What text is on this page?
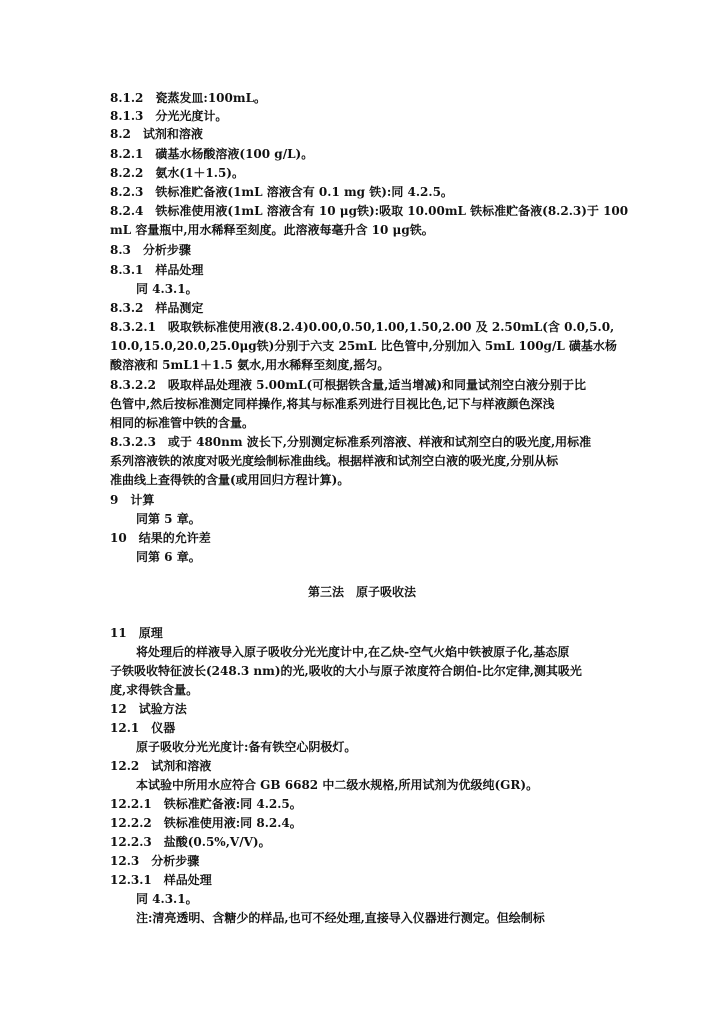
8.1.2　瓷蒸发皿:100mL。
8.1.3　分光光度计。
8.2　试剂和溶液
8.2.1　磺基水杨酸溶液(100 g/L)。
8.2.2　氨水(1＋1.5)。
8.2.3　铁标准贮备液(1mL 溶液含有 0.1 mg 铁):同 4.2.5。
8.2.4　铁标准使用液(1mL 溶液含有 10 μg铁):吸取 10.00mL 铁标准贮备液(8.2.3)于 100
mL 容量瓶中,用水稀释至刻度。此溶液每毫升含 10 μg铁。
8.3　分析步骤
8.3.1　样品处理
同 4.3.1。
8.3.2　样品测定
8.3.2.1　吸取铁标准使用液(8.2.4)0.00,0.50,1.00,1.50,2.00 及 2.50mL(含 0.0,5.0,
10.0,15.0,20.0,25.0μg铁)分别于六支 25mL 比色管中,分别加入 5mL 100g/L 磺基水杨
酸溶液和 5mL1＋1.5 氨水,用水稀释至刻度,摇匀。
8.3.2.2　吸取样品处理液 5.00mL(可根据铁含量,适当增减)和同量试剂空白液分别于比
色管中,然后按标准测定同样操作,将其与标准系列进行目视比色,记下与样液颜色深浅
相同的标准管中铁的含量。
8.3.2.3　或于 480nm 波长下,分别测定标准系列溶液、样液和试剂空白的吸光度,用标准
系列溶液铁的浓度对吸光度绘制标准曲线。根据样液和试剂空白液的吸光度,分别从标
准曲线上查得铁的含量(或用回归方程计算)。
9　计算
同第 5 章。
10　结果的允许差
同第 6 章。
第三法　原子吸收法
11　原理
将处理后的样液导入原子吸收分光光度计中,在乙炔-空气火焰中铁被原子化,基态原
子铁吸收特征波长(248.3 nm)的光,吸收的大小与原子浓度符合朗伯-比尔定律,测其吸光
度,求得铁含量。
12　试验方法
12.1　仪器
原子吸收分光光度计:备有铁空心阴极灯。
12.2　试剂和溶液
本试验中所用水应符合 GB 6682 中二级水规格,所用试剂为优级纯(GR)。
12.2.1　铁标准贮备液:同 4.2.5。
12.2.2　铁标准使用液:同 8.2.4。
12.2.3　盐酸(0.5%,V/V)。
12.3　分析步骤
12.3.1　样品处理
同 4.3.1。
注:清亮透明、含糖少的样品,也可不经处理,直接导入仪器进行测定。但绘制标
